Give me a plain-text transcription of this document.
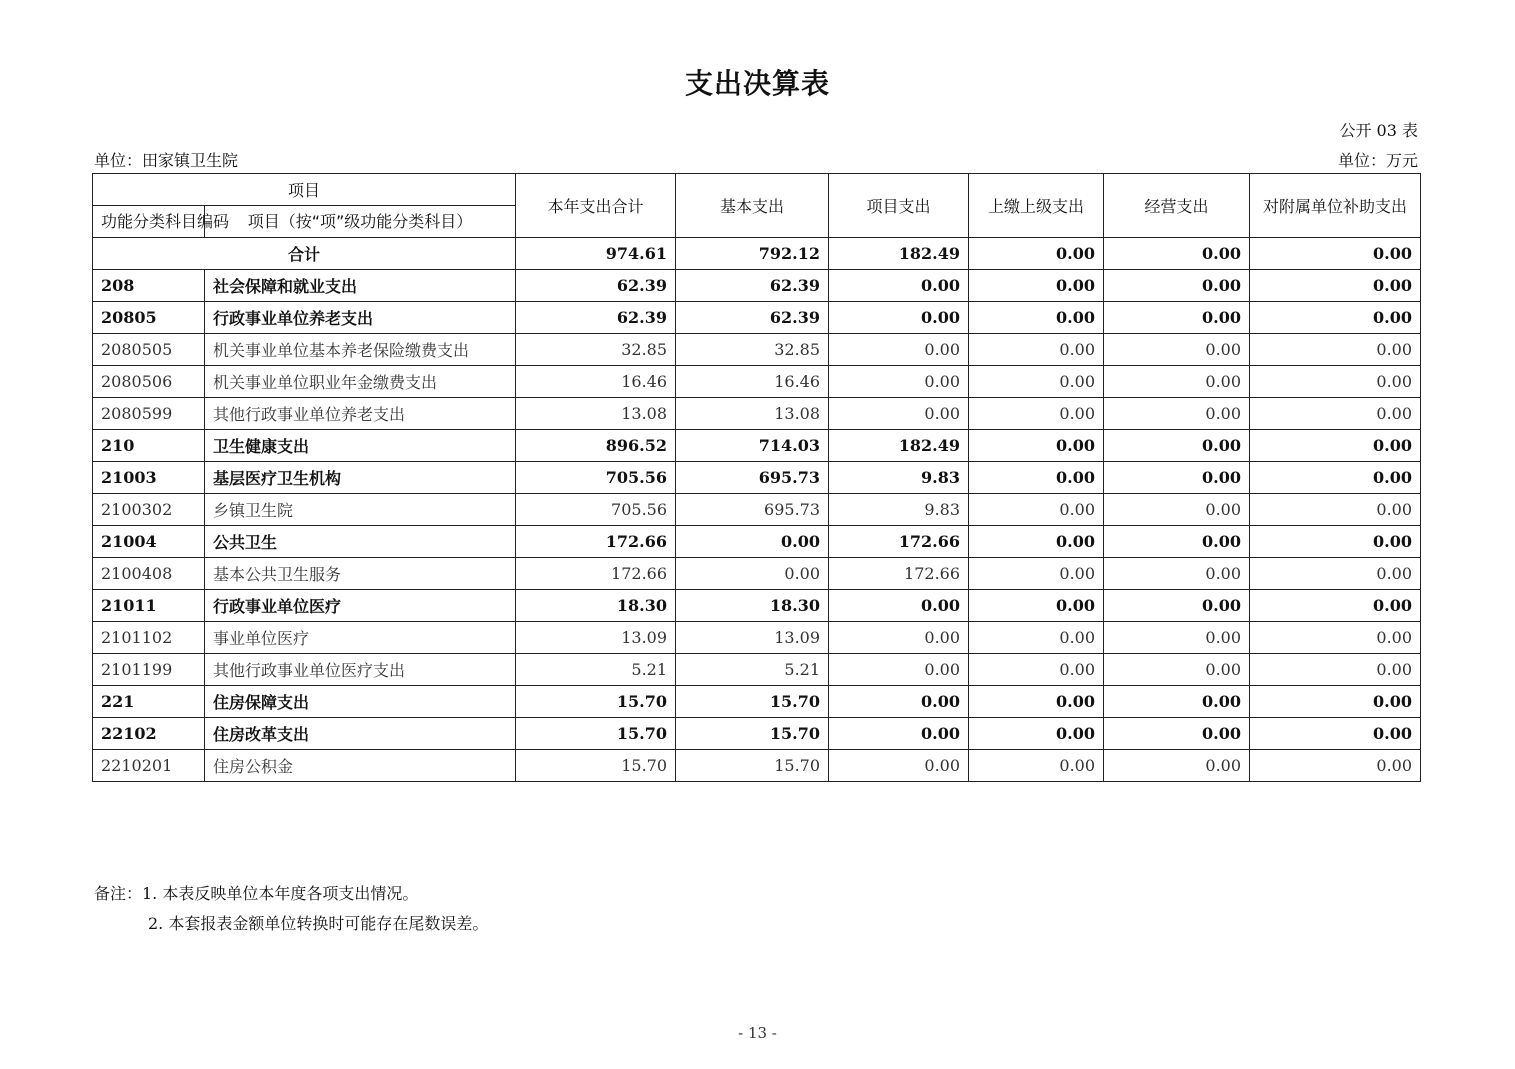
支出决算表
公开 03 表
单位：田家镇卫生院	单位：万元
项目		本年支出合计	基本支出	项目支出	上缴上级支出	经营支出	对附属单位补助支出
功能分类科目编码	项目（按“项”级功能分类科目）						
合计		974.61	792.12	182.49	0.00	0.00	0.00
208	社会保障和就业支出	62.39	62.39	0.00	0.00	0.00	0.00
20805	行政事业单位养老支出	62.39	62.39	0.00	0.00	0.00	0.00
2080505	机关事业单位基本养老保险缴费支出	32.85	32.85	0.00	0.00	0.00	0.00
2080506	机关事业单位职业年金缴费支出	16.46	16.46	0.00	0.00	0.00	0.00
2080599	其他行政事业单位养老支出	13.08	13.08	0.00	0.00	0.00	0.00
210	卫生健康支出	896.52	714.03	182.49	0.00	0.00	0.00
21003	基层医疗卫生机构	705.56	695.73	9.83	0.00	0.00	0.00
2100302	乡镇卫生院	705.56	695.73	9.83	0.00	0.00	0.00
21004	公共卫生	172.66	0.00	172.66	0.00	0.00	0.00
2100408	基本公共卫生服务	172.66	0.00	172.66	0.00	0.00	0.00
21011	行政事业单位医疗	18.30	18.30	0.00	0.00	0.00	0.00
2101102	事业单位医疗	13.09	13.09	0.00	0.00	0.00	0.00
2101199	其他行政事业单位医疗支出	5.21	5.21	0.00	0.00	0.00	0.00
221	住房保障支出	15.70	15.70	0.00	0.00	0.00	0.00
22102	住房改革支出	15.70	15.70	0.00	0.00	0.00	0.00
2210201	住房公积金	15.70	15.70	0.00	0.00	0.00	0.00
备注：1. 本表反映单位本年度各项支出情况。
2. 本套报表金额单位转换时可能存在尾数误差。
- 13 -
